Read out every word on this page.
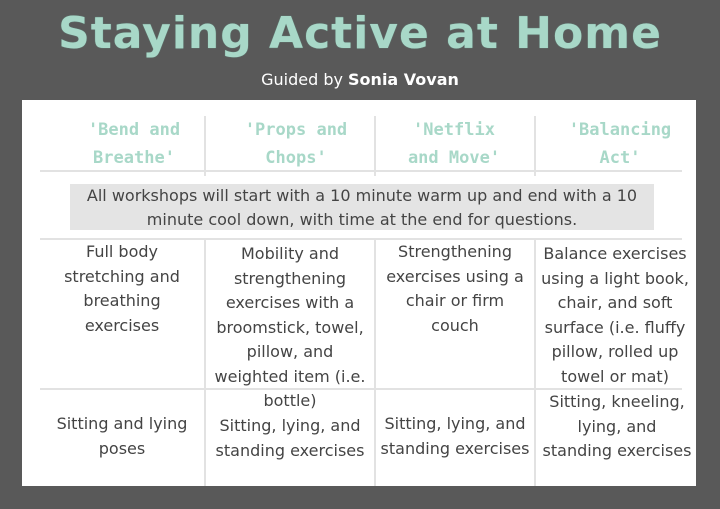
Staying Active at Home
Guided by Sonia Vovan
'Bend and Breathe'
'Props and Chops'
'Netflix and Move'
'Balancing Act'
All workshops will start with a 10 minute warm up and end with a 10 minute cool down, with time at the end for questions.
Full body stretching and breathing exercises
Mobility and strengthening exercises with a broomstick, towel, pillow, and weighted item (i.e. bottle)
Strengthening exercises using a chair or firm couch
Balance exercises using a light book, chair, and soft surface (i.e. fluffy pillow, rolled up towel or mat)
Sitting and lying poses
Sitting, lying, and standing exercises
Sitting, lying, and standing exercises
Sitting, kneeling, lying, and standing exercises
